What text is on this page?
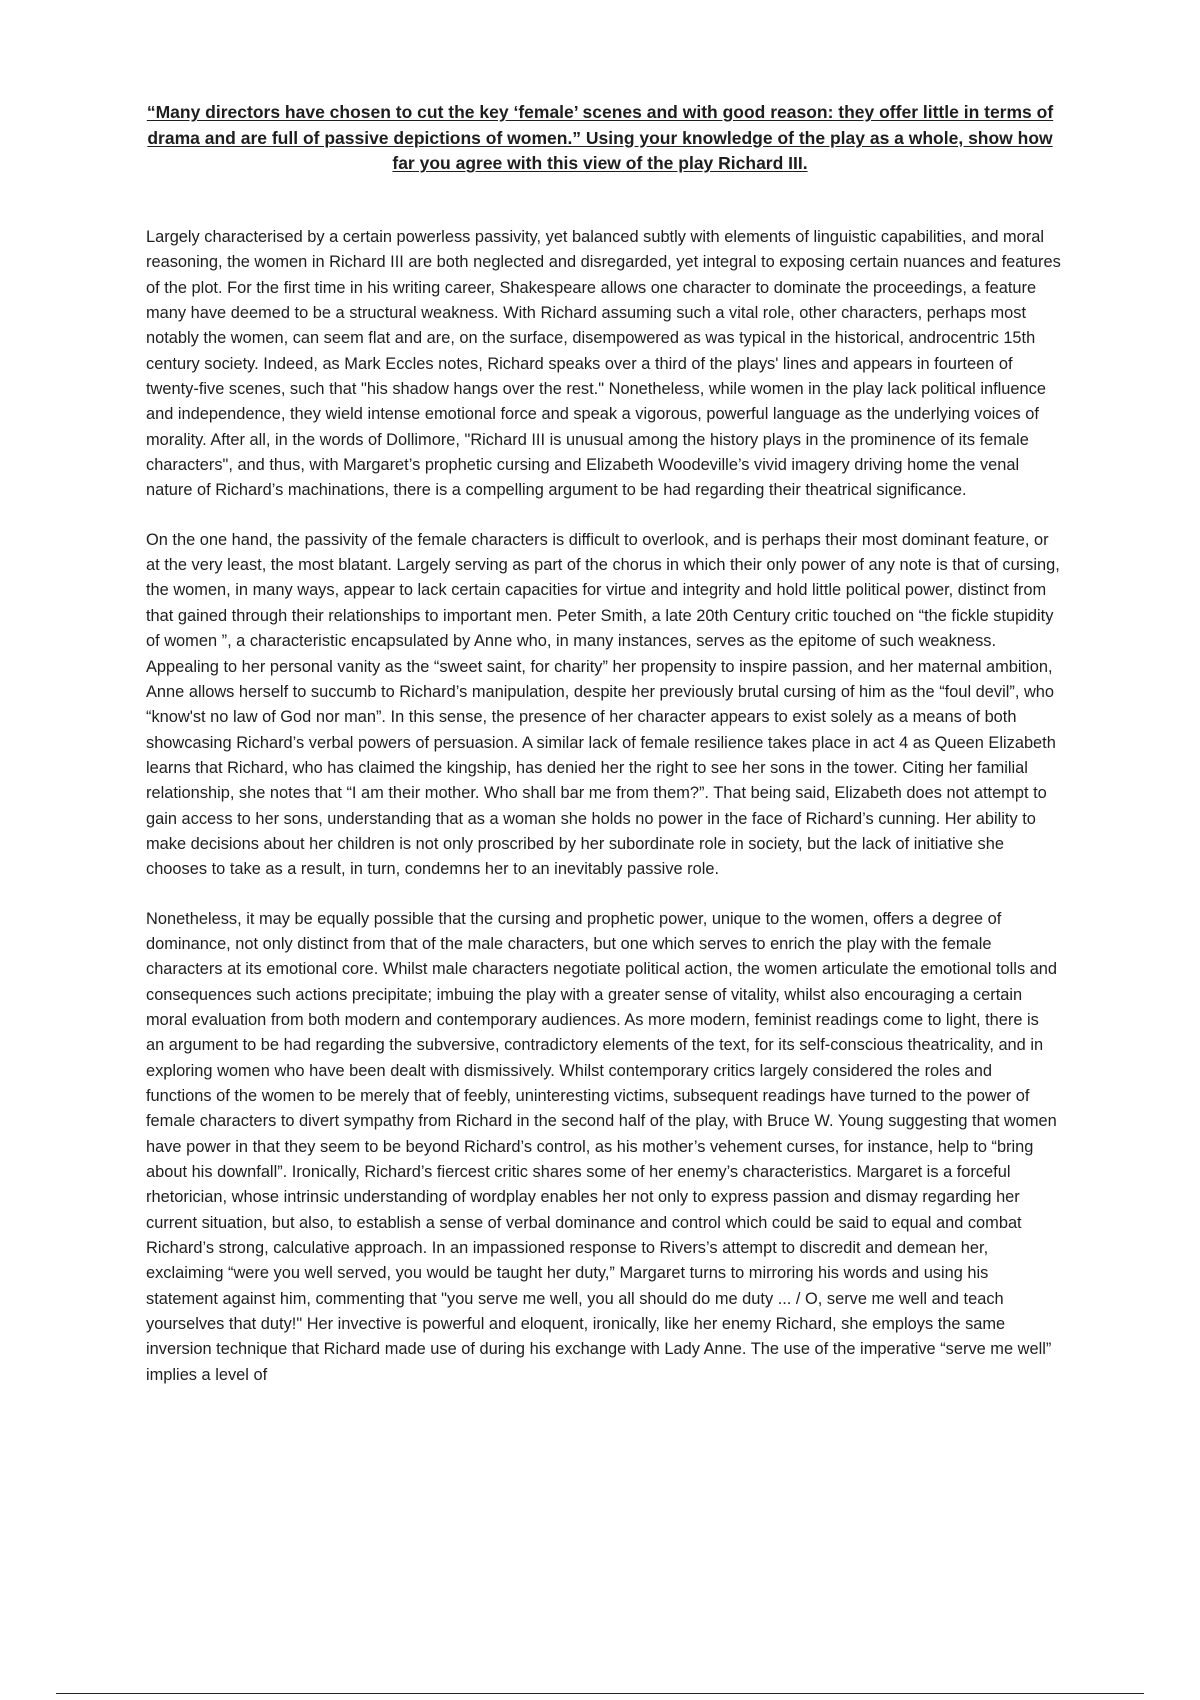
“Many directors have chosen to cut the key ‘female’ scenes and with good reason: they offer little in terms of drama and are full of passive depictions of women.” Using your knowledge of the play as a whole, show how far you agree with this view of the play Richard III.

Largely characterised by a certain powerless passivity, yet balanced subtly with elements of linguistic capabilities, and moral reasoning, the women in Richard III are both neglected and disregarded, yet integral to exposing certain nuances and features of the plot. For the first time in his writing career, Shakespeare allows one character to dominate the proceedings, a feature many have deemed to be a structural weakness. With Richard assuming such a vital role, other characters, perhaps most notably the women, can seem flat and are, on the surface, disempowered as was typical in the historical, androcentric 15th century society. Indeed, as Mark Eccles notes, Richard speaks over a third of the plays' lines and appears in fourteen of twenty-five scenes, such that "his shadow hangs over the rest." Nonetheless, while women in the play lack political influence and independence, they wield intense emotional force and speak a vigorous, powerful language as the underlying voices of morality. After all, in the words of Dollimore, "Richard III is unusual among the history plays in the prominence of its female characters", and thus, with Margaret’s prophetic cursing and Elizabeth Woodeville’s vivid imagery driving home the venal nature of Richard’s machinations, there is a compelling argument to be had regarding their theatrical significance.

On the one hand, the passivity of the female characters is difficult to overlook, and is perhaps their most dominant feature, or at the very least, the most blatant. Largely serving as part of the chorus in which their only power of any note is that of cursing, the women, in many ways, appear to lack certain capacities for virtue and integrity and hold little political power, distinct from that gained through their relationships to important men. Peter Smith, a late 20th Century critic touched on “the fickle stupidity of women ”, a characteristic encapsulated by Anne who, in many instances, serves as the epitome of such weakness. Appealing to her personal vanity as the “sweet saint, for charity” her propensity to inspire passion, and her maternal ambition, Anne allows herself to succumb to Richard’s manipulation, despite her previously brutal cursing of him as the “foul devil”, who “know'st no law of God nor man”. In this sense, the presence of her character appears to exist solely as a means of both showcasing Richard’s verbal powers of persuasion. A similar lack of female resilience takes place in act 4 as Queen Elizabeth learns that Richard, who has claimed the kingship, has denied her the right to see her sons in the tower. Citing her familial relationship, she notes that “I am their mother. Who shall bar me from them?”. That being said, Elizabeth does not attempt to gain access to her sons, understanding that as a woman she holds no power in the face of Richard’s cunning. Her ability to make decisions about her children is not only proscribed by her subordinate role in society, but the lack of initiative she chooses to take as a result, in turn, condemns her to an inevitably passive role.

Nonetheless, it may be equally possible that the cursing and prophetic power, unique to the women, offers a degree of dominance, not only distinct from that of the male characters, but one which serves to enrich the play with the female characters at its emotional core. Whilst male characters negotiate political action, the women articulate the emotional tolls and consequences such actions precipitate; imbuing the play with a greater sense of vitality, whilst also encouraging a certain moral evaluation from both modern and contemporary audiences. As more modern, feminist readings come to light, there is an argument to be had regarding the subversive, contradictory elements of the text, for its self-conscious theatricality, and in exploring women who have been dealt with dismissively. Whilst contemporary critics largely considered the roles and functions of the women to be merely that of feebly, uninteresting victims, subsequent readings have turned to the power of female characters to divert sympathy from Richard in the second half of the play, with Bruce W. Young suggesting that women have power in that they seem to be beyond Richard’s control, as his mother’s vehement curses, for instance, help to “bring about his downfall”. Ironically, Richard’s fiercest critic shares some of her enemy’s characteristics. Margaret is a forceful rhetorician, whose intrinsic understanding of wordplay enables her not only to express passion and dismay regarding her current situation, but also, to establish a sense of verbal dominance and control which could be said to equal and combat Richard’s strong, calculative approach. In an impassioned response to Rivers’s attempt to discredit and demean her, exclaiming “were you well served, you would be taught her duty,” Margaret turns to mirroring his words and using his statement against him, commenting that "you serve me well, you all should do me duty ... / O, serve me well and teach yourselves that duty!" Her invective is powerful and eloquent, ironically, like her enemy Richard, she employs the same inversion technique that Richard made use of during his exchange with Lady Anne. The use of the imperative “serve me well” implies a level of
